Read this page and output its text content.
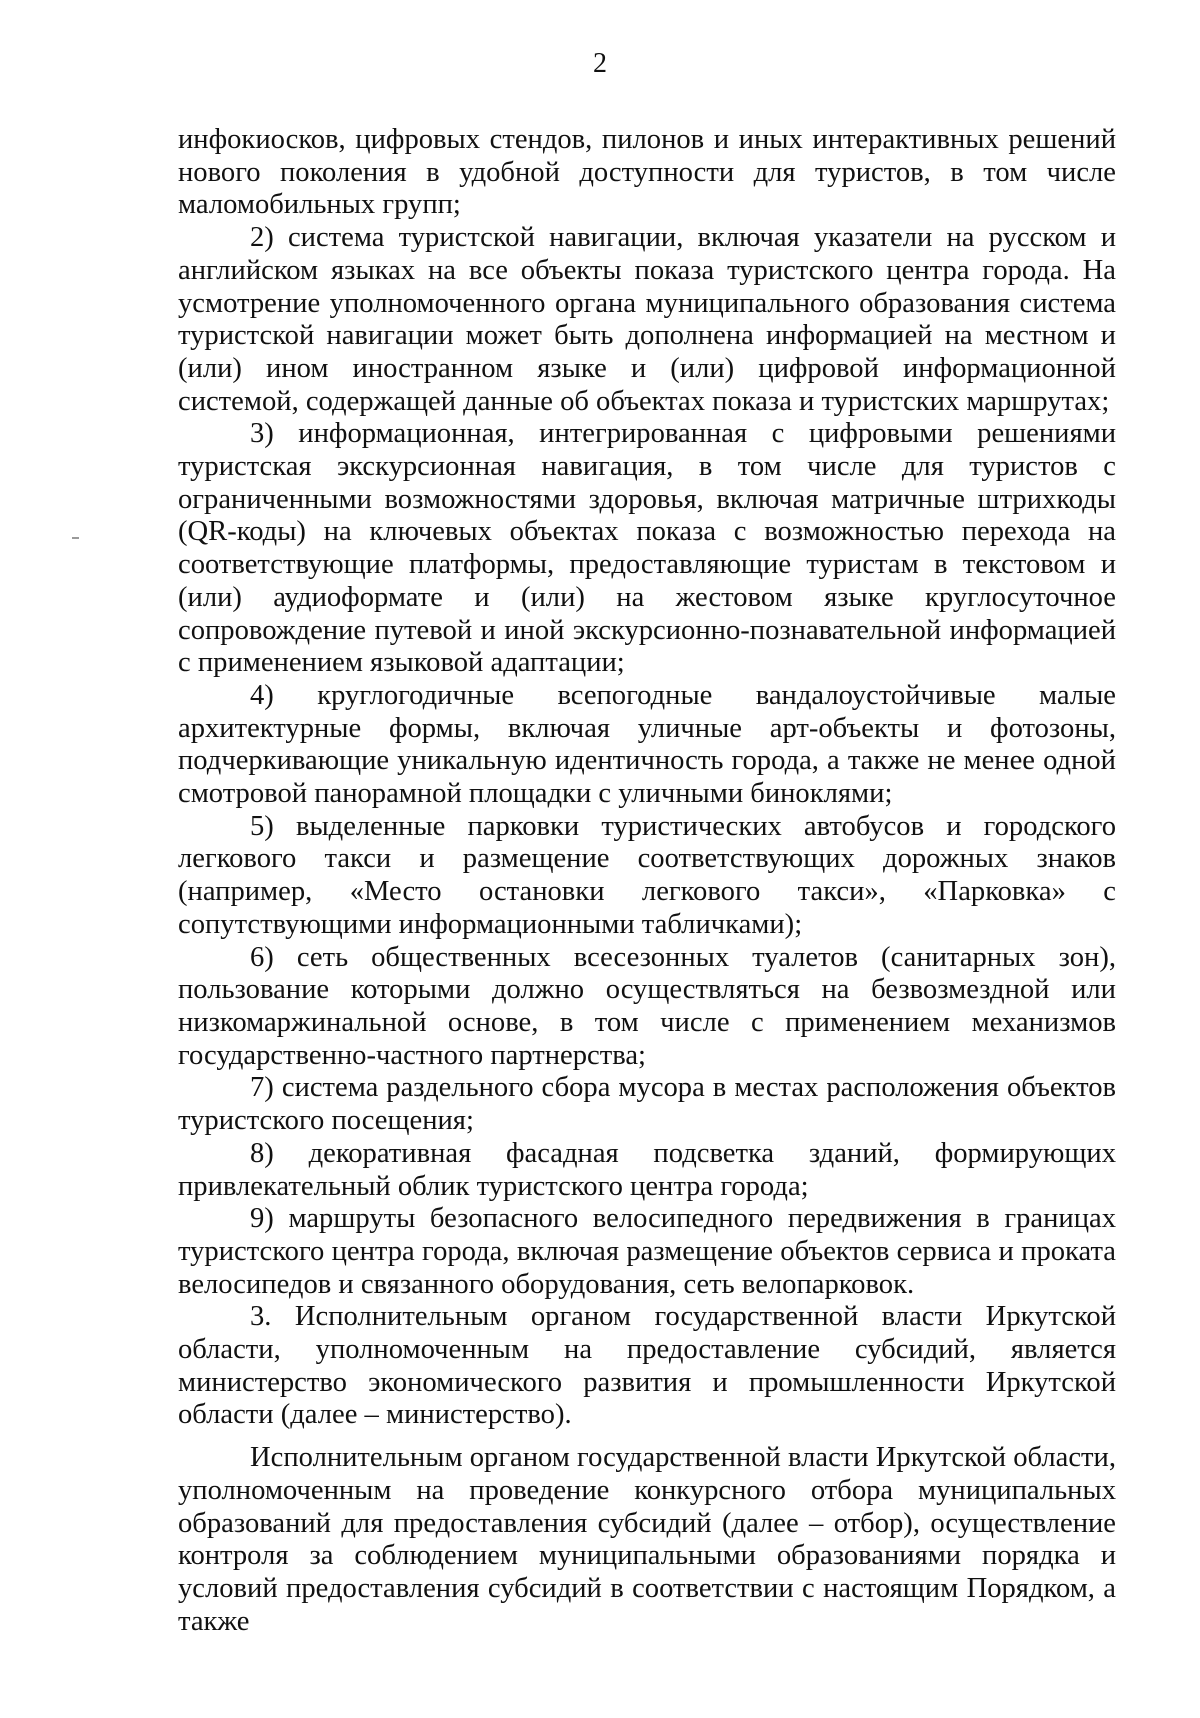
2

инфокиосков, цифровых стендов, пилонов и иных интерактивных решений нового поколения в удобной доступности для туристов, в том числе маломобильных групп;

2) система туристской навигации, включая указатели на русском и английском языках на все объекты показа туристского центра города. На усмотрение уполномоченного органа муниципального образования система туристской навигации может быть дополнена информацией на местном и (или) ином иностранном языке и (или) цифровой информационной системой, содержащей данные об объектах показа и туристских маршрутах;

3) информационная, интегрированная с цифровыми решениями туристская экскурсионная навигация, в том числе для туристов с ограниченными возможностями здоровья, включая матричные штрихкоды (QR-коды) на ключевых объектах показа с возможностью перехода на соответствующие платформы, предоставляющие туристам в текстовом и (или) аудиоформате и (или) на жестовом языке круглосуточное сопровождение путевой и иной экскурсионно-познавательной информацией с применением языковой адаптации;

4) круглогодичные всепогодные вандалоустойчивые малые архитектурные формы, включая уличные арт-объекты и фотозоны, подчеркивающие уникальную идентичность города, а также не менее одной смотровой панорамной площадки с уличными биноклями;

5) выделенные парковки туристических автобусов и городского легкового такси и размещение соответствующих дорожных знаков (например, «Место остановки легкового такси», «Парковка» с сопутствующими информационными табличками);

6) сеть общественных всесезонных туалетов (санитарных зон), пользование которыми должно осуществляться на безвозмездной или низкомаржинальной основе, в том числе с применением механизмов государственно-частного партнерства;

7) система раздельного сбора мусора в местах расположения объектов туристского посещения;

8) декоративная фасадная подсветка зданий, формирующих привлекательный облик туристского центра города;

9) маршруты безопасного велосипедного передвижения в границах туристского центра города, включая размещение объектов сервиса и проката велосипедов и связанного оборудования, сеть велопарковок.

3. Исполнительным органом государственной власти Иркутской области, уполномоченным на предоставление субсидий, является министерство экономического развития и промышленности Иркутской области (далее – министерство).

Исполнительным органом государственной власти Иркутской области, уполномоченным на проведение конкурсного отбора муниципальных образований для предоставления субсидий (далее – отбор), осуществление контроля за соблюдением муниципальными образованиями порядка и условий предоставления субсидий в соответствии с настоящим Порядком, а также
